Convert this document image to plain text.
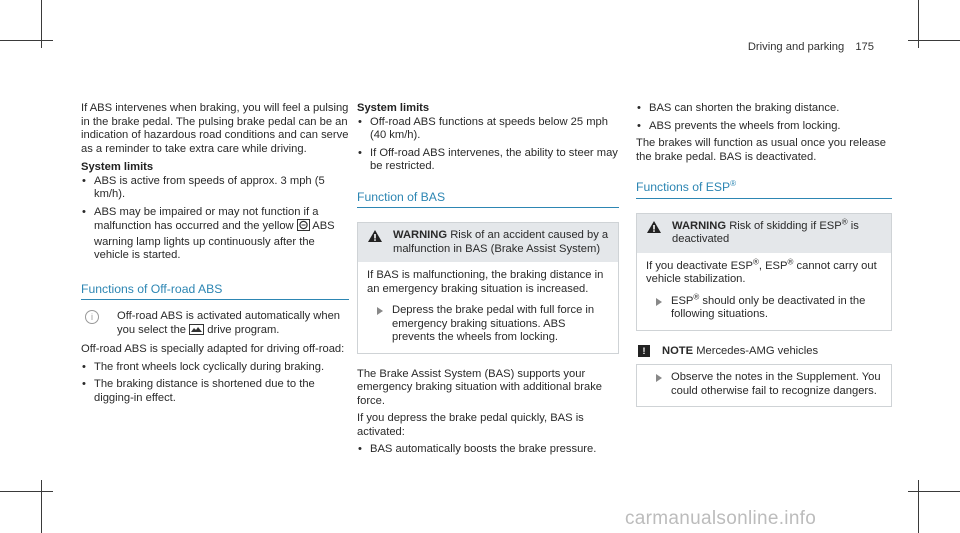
Driving and parking 175

If ABS intervenes when braking, you will feel a pulsing in the brake pedal. The pulsing brake pedal can be an indication of hazardous road conditions and can serve as a reminder to take extra care while driving.

System limits

• ABS is active from speeds of approx. 3 mph (5 km/h).
• ABS may be impaired or may not function if a malfunction has occurred and the yellow ABS warning lamp lights up continuously after the vehicle is started.

Functions of Off-road ABS

i	Off-road ABS is activated automatically when you select the drive program.

Off-road ABS is specially adapted for driving off-road:

• The front wheels lock cyclically during braking.
• The braking distance is shortened due to the digging-in effect.

System limits

• Off-road ABS functions at speeds below 25 mph (40 km/h).
• If Off-road ABS intervenes, the ability to steer may be restricted.

Function of BAS

WARNING Risk of an accident caused by a malfunction in BAS (Brake Assist System)

If BAS is malfunctioning, the braking distance in an emergency braking situation is increased.

Depress the brake pedal with full force in emergency braking situations. ABS prevents the wheels from locking.

The Brake Assist System (BAS) supports your emergency braking situation with additional brake force.

If you depress the brake pedal quickly, BAS is activated:

• BAS automatically boosts the brake pressure.
• BAS can shorten the braking distance.
• ABS prevents the wheels from locking.

The brakes will function as usual once you release the brake pedal. BAS is deactivated.

Functions of ESP®

WARNING Risk of skidding if ESP® is deactivated

If you deactivate ESP®, ESP® cannot carry out vehicle stabilization.

ESP® should only be deactivated in the following situations.
!	NOTE Mercedes-AMG vehicles
Observe the notes in the Supplement. You could otherwise fail to recognize dangers.
carmanualsonline.info
